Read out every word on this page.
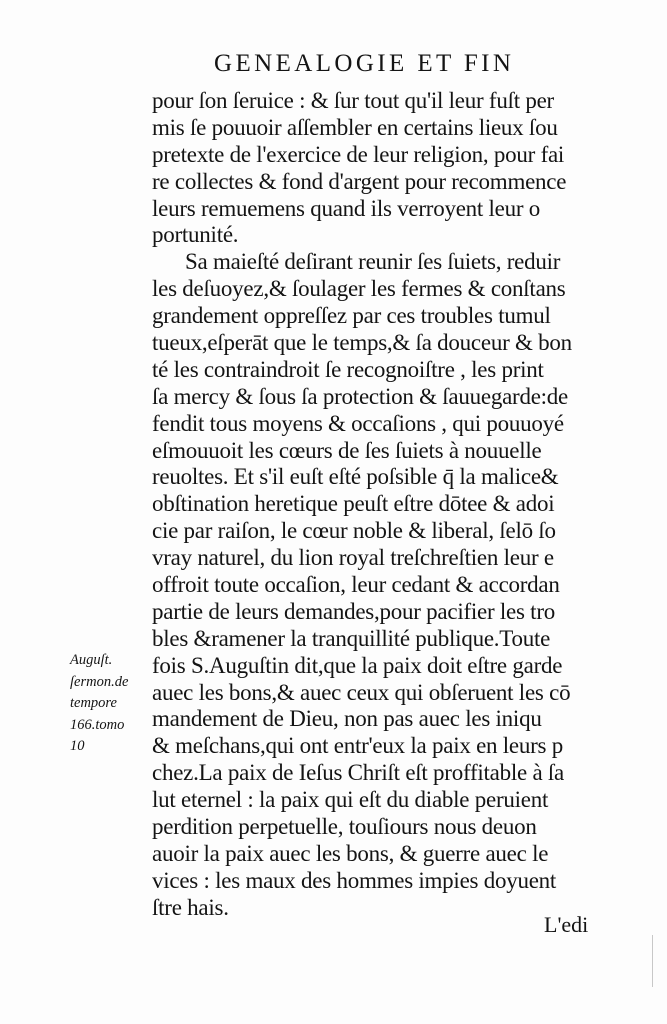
GENEALOGIE ET FIN
pour ſon ſeruice : & ſur tout qu'il leur fuſt per
mis ſe pouuoir aſſembler en certains lieux ſou
pretexte de l'exercice de leur religion, pour fai
re collectes & fond d'argent pour recommence
leurs remuemens quand ils verroyent leur o
portunité.
Sa maieſté deſirant reunir ſes ſuiets, reduir
les deſuoyez,& ſoulager les fermes & conſtans
grandement oppreſſez par ces troubles tumul
tueux,eſperāt que le temps,& ſa douceur & bon
té les contraindroit ſe recognoiſtre , les print
ſa mercy & ſous ſa protection & ſauuegarde:de
fendit tous moyens & occaſions , qui pouuoyé
eſmouuoit les cœurs de ſes ſuiets à nouuelle
reuoltes. Et s'il euſt eſté poſsible q̄ la malice&
obſtination heretique peuſt eſtre dōtee & adoi
cie par raiſon, le cœur noble & liberal, ſelō ſo
vray naturel, du lion royal treſchreſtien leur e
offroit toute occaſion, leur cedant & accordan
partie de leurs demandes,pour pacifier les tro
bles &ramener la tranquillité publique.Toute
fois S.Auguſtin dit,que la paix doit eſtre garde
auec les bons,& auec ceux qui obſeruent les cō
mandement de Dieu, non pas auec les iniqu
& meſchans,qui ont entr'eux la paix en leurs p
chez.La paix de Ieſus Chriſt eſt proffitable à ſa
lut eternel : la paix qui eſt du diable peruient
perdition perpetuelle, touſiours nous deuon
auoir la paix auec les bons, & guerre auec le
vices : les maux des hommes impies doyuent
ſtre hais.
Auguſt.
ſermon.de
tempore
166.tomo
10
L'edi
